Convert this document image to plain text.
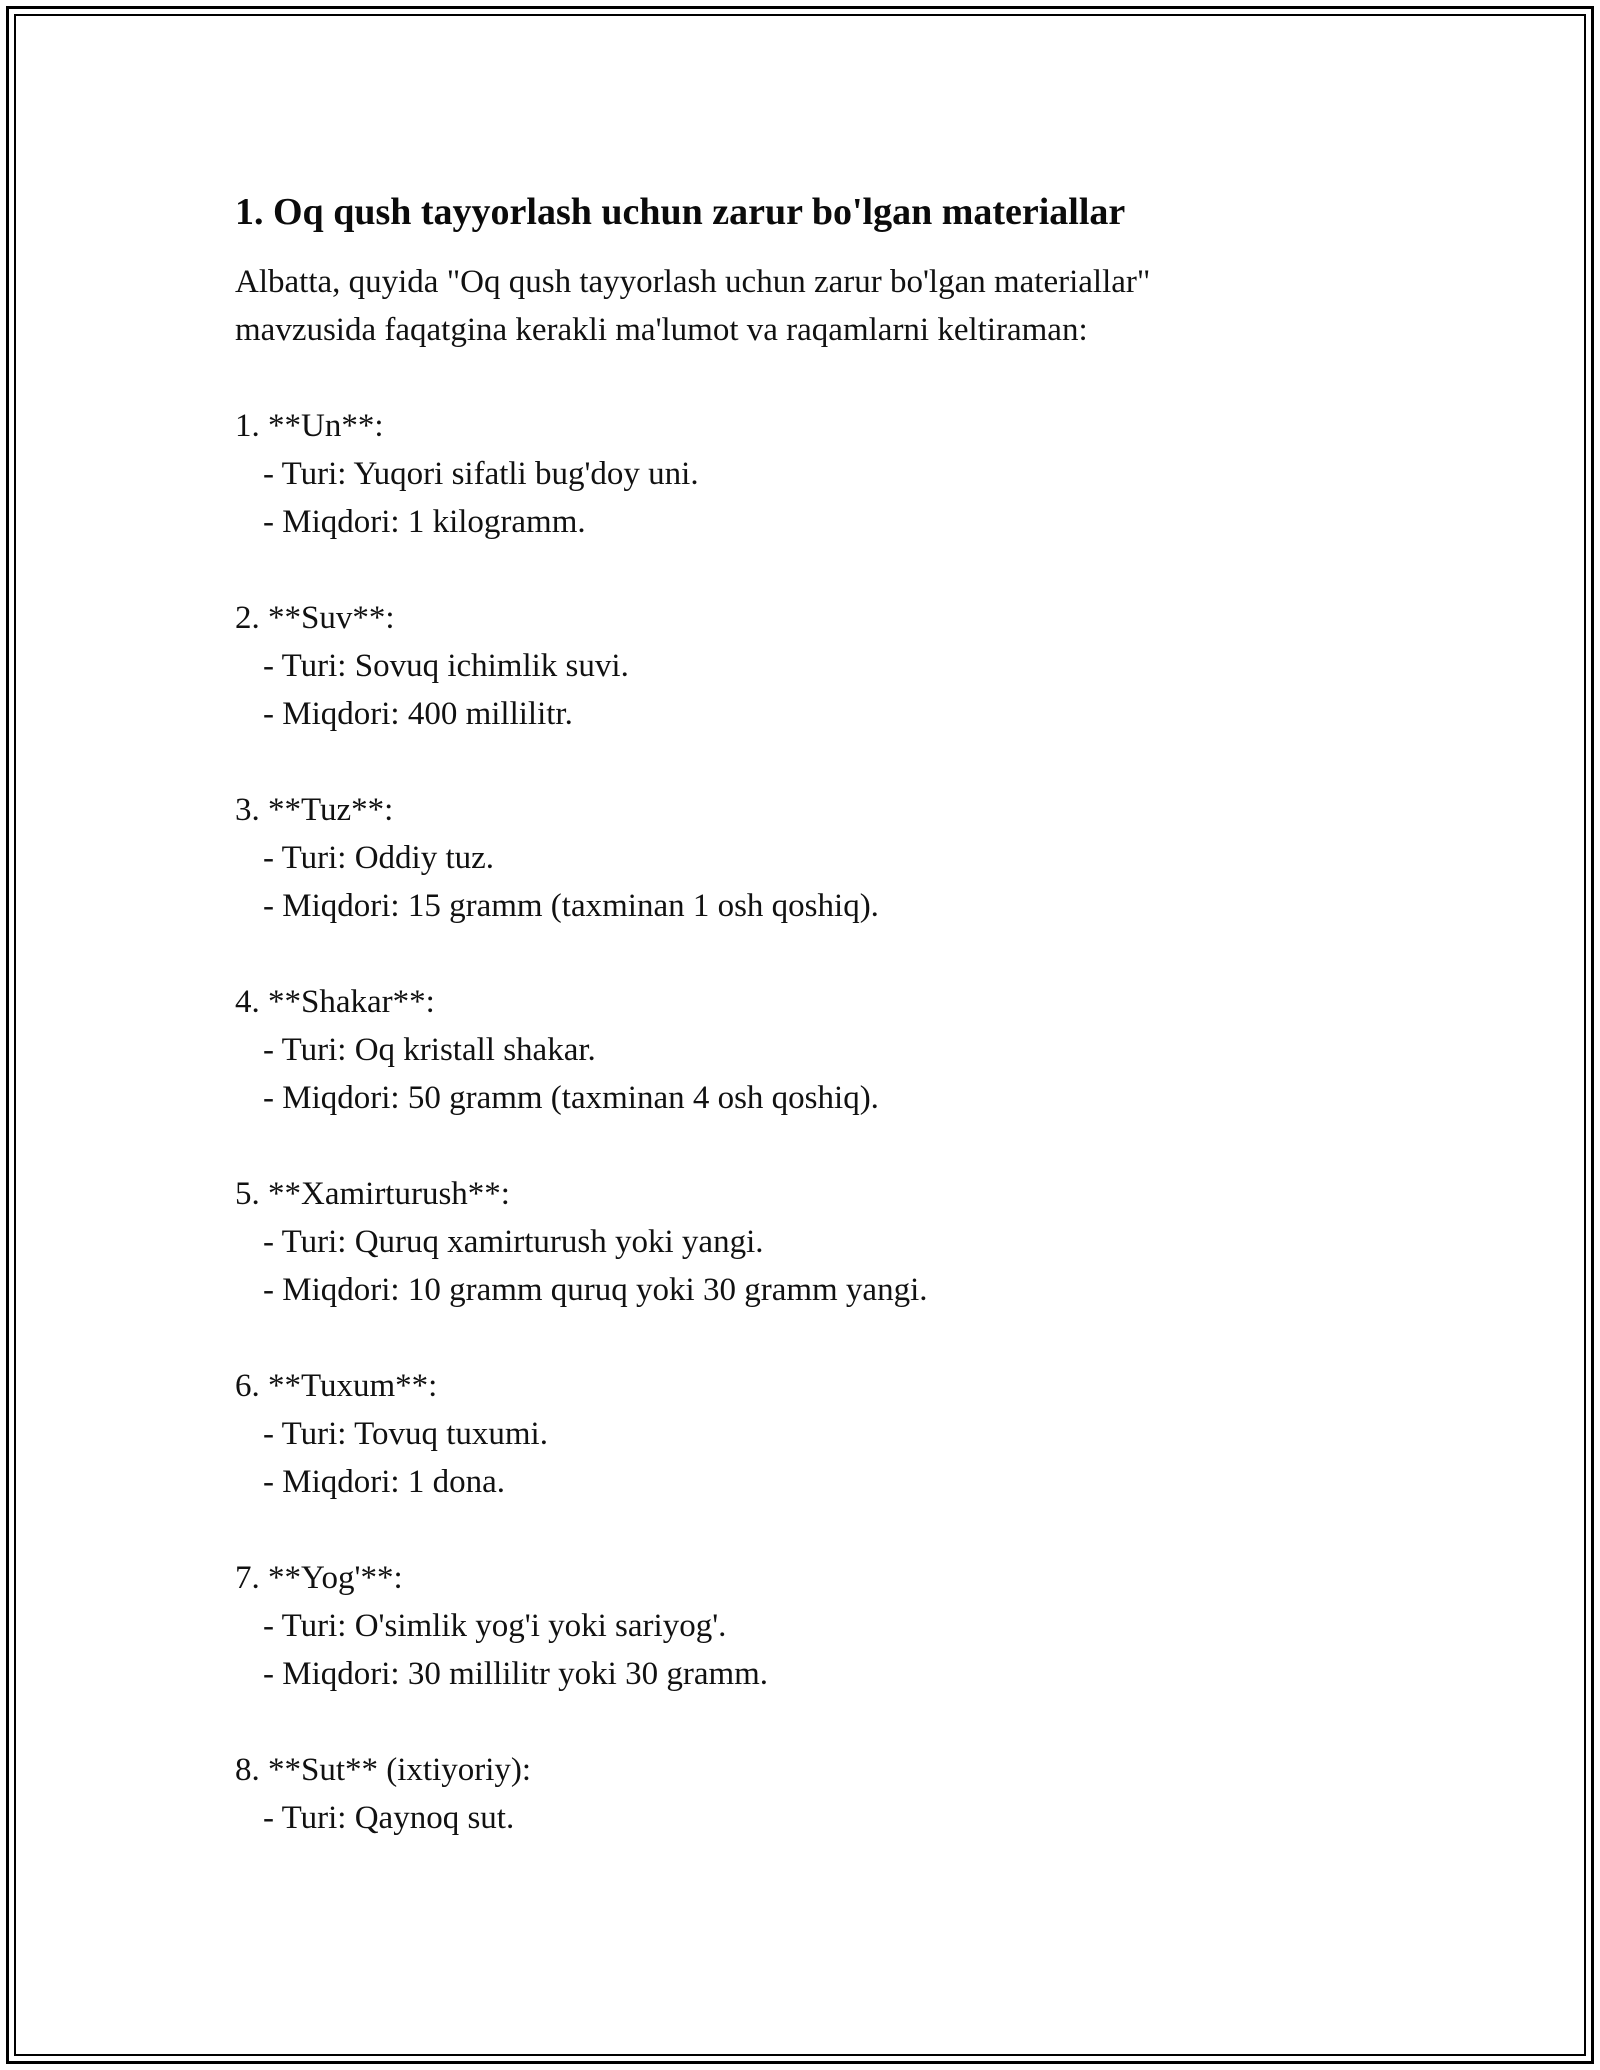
1. Oq qush tayyorlash uchun zarur bo'lgan materiallar

Albatta, quyida "Oq qush tayyorlash uchun zarur bo'lgan materiallar"
mavzusida faqatgina kerakli ma'lumot va raqamlarni keltiraman:

1. **Un**:
- Turi: Yuqori sifatli bug'doy uni.
- Miqdori: 1 kilogramm.
2. **Suv**:
- Turi: Sovuq ichimlik suvi.
- Miqdori: 400 millilitr.
3. **Tuz**:
- Turi: Oddiy tuz.
- Miqdori: 15 gramm (taxminan 1 osh qoshiq).
4. **Shakar**:
- Turi: Oq kristall shakar.
- Miqdori: 50 gramm (taxminan 4 osh qoshiq).
5. **Xamirturush**:
- Turi: Quruq xamirturush yoki yangi.
- Miqdori: 10 gramm quruq yoki 30 gramm yangi.
6. **Tuxum**:
- Turi: Tovuq tuxumi.
- Miqdori: 1 dona.
7. **Yog'**:
- Turi: O'simlik yog'i yoki sariyog'.
- Miqdori: 30 millilitr yoki 30 gramm.
8. **Sut** (ixtiyoriy):
- Turi: Qaynoq sut.
